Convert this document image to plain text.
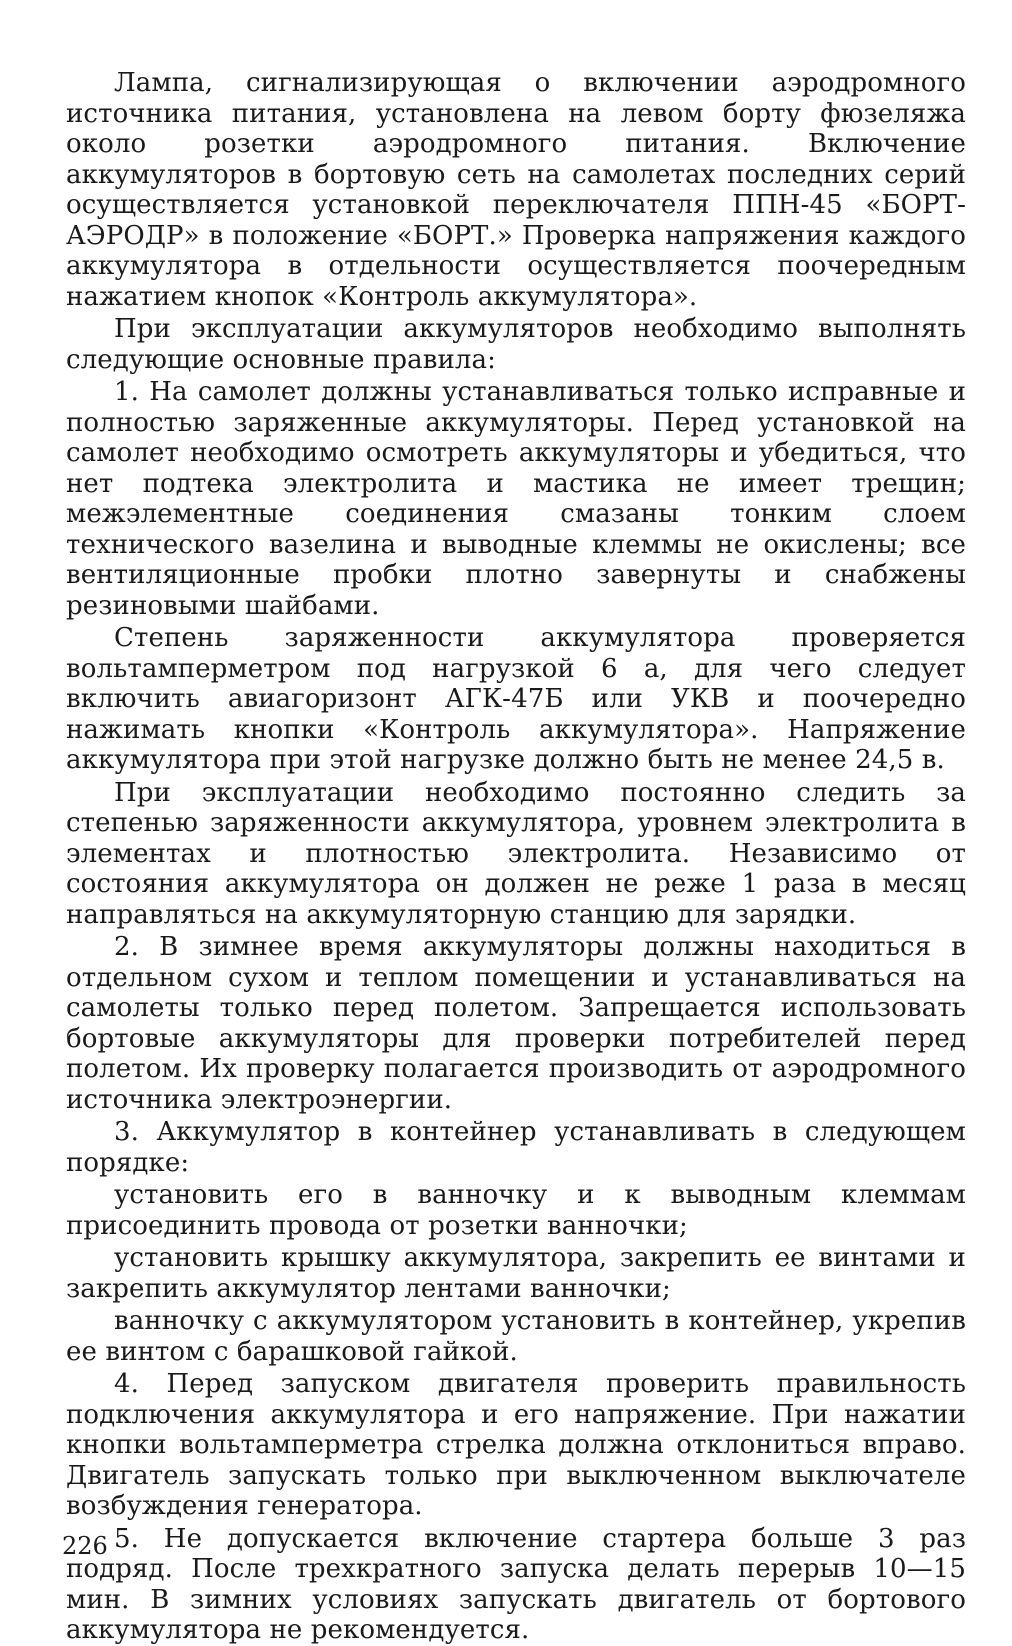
Лампа, сигнализирующая о включении аэродромного источника питания, установлена на левом борту фюзеляжа около розетки аэродромного питания. Включение аккумуляторов в бортовую сеть на самолетах последних серий осуществляется установкой переключателя ППН-45 «БОРТ-АЭРОДР» в положение «БОРТ.» Проверка напряжения каждого аккумулятора в отдельности осуществляется поочередным нажатием кнопок «Контроль аккумулятора».

При эксплуатации аккумуляторов необходимо выполнять следующие основные правила:

1. На самолет должны устанавливаться только исправные и полностью заряженные аккумуляторы. Перед установкой на самолет необходимо осмотреть аккумуляторы и убедиться, что нет подтека электролита и мастика не имеет трещин; межэлементные соединения смазаны тонким слоем технического вазелина и выводные клеммы не окислены; все вентиляционные пробки плотно завернуты и снабжены резиновыми шайбами.

Степень заряженности аккумулятора проверяется вольтамперметром под нагрузкой 6 а, для чего следует включить авиагоризонт АГК-47Б или УКВ и поочередно нажимать кнопки «Контроль аккумулятора». Напряжение аккумулятора при этой нагрузке должно быть не менее 24,5 в.

При эксплуатации необходимо постоянно следить за степенью заряженности аккумулятора, уровнем электролита в элементах и плотностью электролита. Независимо от состояния аккумулятора он должен не реже 1 раза в месяц направляться на аккумуляторную станцию для зарядки.

2. В зимнее время аккумуляторы должны находиться в отдельном сухом и теплом помещении и устанавливаться на самолеты только перед полетом. Запрещается использовать бортовые аккумуляторы для проверки потребителей перед полетом. Их проверку полагается производить от аэродромного источника электроэнергии.

3. Аккумулятор в контейнер устанавливать в следующем порядке:

установить его в ванночку и к выводным клеммам присоединить провода от розетки ванночки;

установить крышку аккумулятора, закрепить ее винтами и закрепить аккумулятор лентами ванночки;

ванночку с аккумулятором установить в контейнер, укрепив ее винтом с барашковой гайкой.

4. Перед запуском двигателя проверить правильность подключения аккумулятора и его напряжение. При нажатии кнопки вольтамперметра стрелка должна отклониться вправо. Двигатель запускать только при выключенном выключателе возбуждения генератора.

5. Не допускается включение стартера больше 3 раз подряд. После трехкратного запуска делать перерыв 10—15 мин. В зимних условиях запускать двигатель от бортового аккумулятора не рекомендуется.

226
